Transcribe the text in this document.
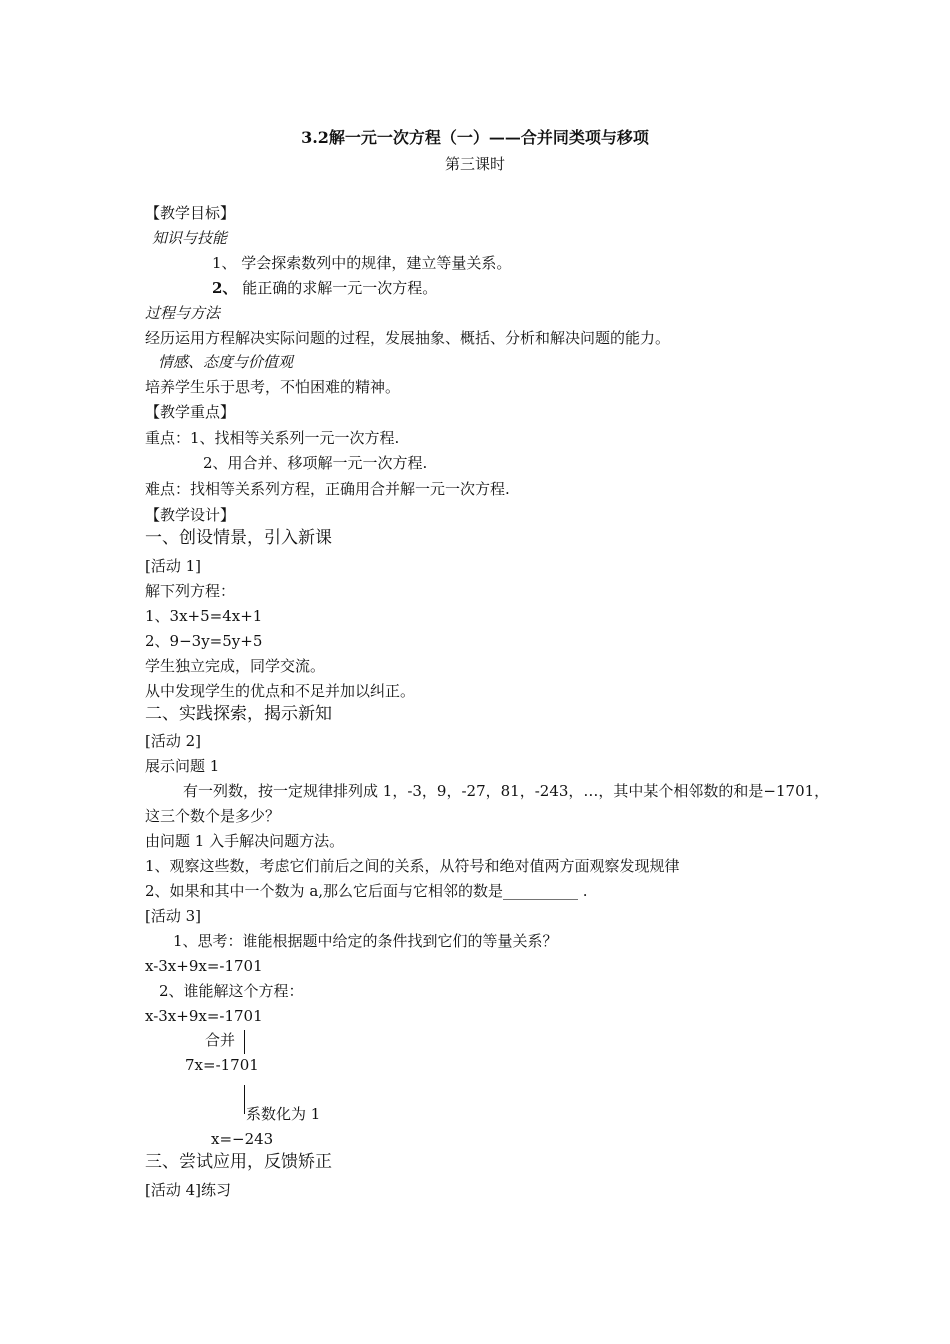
3.2解一元一次方程（一）——合并同类项与移项
第三课时
【教学目标】
知识与技能
1、 学会探索数列中的规律，建立等量关系。
2、 能正确的求解一元一次方程。
过程与方法
经历运用方程解决实际问题的过程，发展抽象、概括、分析和解决问题的能力。
情感、态度与价值观
培养学生乐于思考，不怕困难的精神。
【教学重点】
重点：1、找相等关系列一元一次方程.
2、用合并、移项解一元一次方程.
难点：找相等关系列方程，正确用合并解一元一次方程.
【教学设计】
一、创设情景，引入新课
[活动 1]
解下列方程：
1、3x+5=4x+1
2、9−3y=5y+5
学生独立完成，同学交流。
从中发现学生的优点和不足并加以纠正。
二、实践探索，揭示新知
[活动 2]
展示问题 1
有一列数，按一定规律排列成 1，-3，9，-27，81，-243，…，其中某个相邻数的和是−1701，
这三个数个是多少？
由问题 1 入手解决问题方法。
1、观察这些数，考虑它们前后之间的关系，从符号和绝对值两方面观察发现规律
2、如果和其中一个数为 a,那么它后面与它相邻的数是__________ .
[活动 3]
1、思考：谁能根据题中给定的条件找到它们的等量关系？
x-3x+9x=-1701
2、谁能解这个方程：
x-3x+9x=-1701
合并
7x=-1701
系数化为 1
x=−243
三、尝试应用，反馈矫正
[活动 4]练习
